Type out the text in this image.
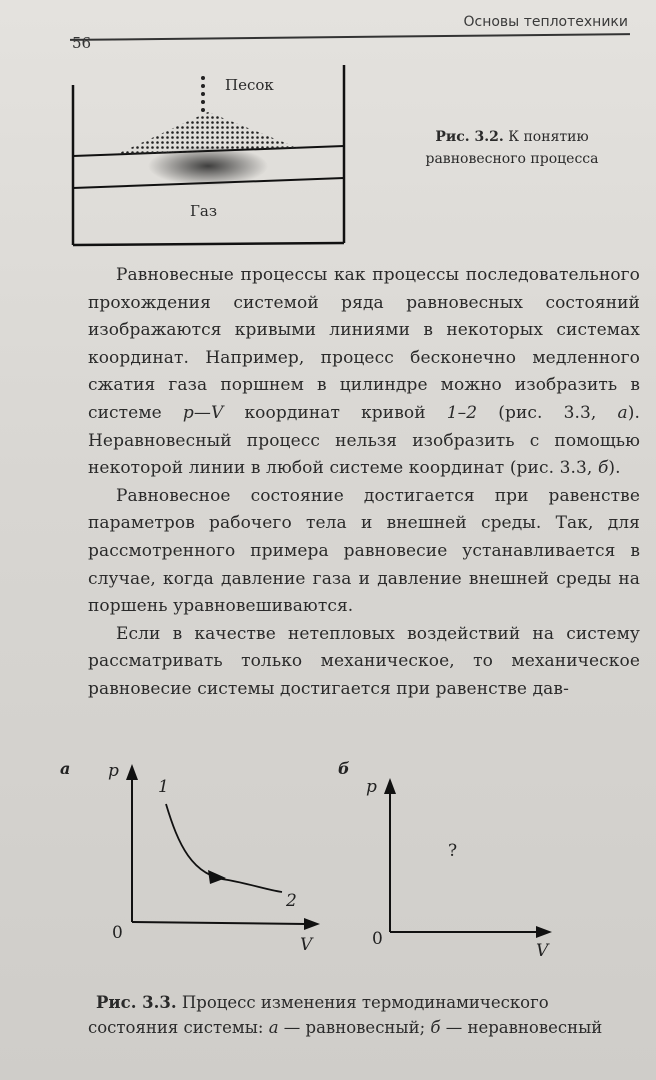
Основы теплотехники
56
Песок
Газ
Рис. 3.2. К понятию
равновесного процесса

Равновесные процессы как процессы последовательного прохождения системой ряда равновесных состояний изображаются кривыми линиями в некоторых системах координат. Например, процесс бесконечно медленного сжатия газа поршнем в цилиндре можно изобразить в системе p—V координат кривой 1–2 (рис. 3.3, а). Неравновесный процесс нельзя изобразить с помощью некоторой линии в любой системе координат (рис. 3.3, б).

Равновесное состояние достигается при равенстве параметров рабочего тела и внешней среды. Так, для рассмотренного примера равновесие устанавливается в случае, когда давление газа и давление внешней среды на поршень уравновешиваются.

Если в качестве нетепловых воздействий на систему рассматривать только механическое, то механическое равновесие системы достигается при равенстве дав-

а p
0
V
1
2
б
p
0
V
?
Рис. 3.3. Процесс изменения термодинамического
состояния системы: а — равновесный; б — неравновесный
